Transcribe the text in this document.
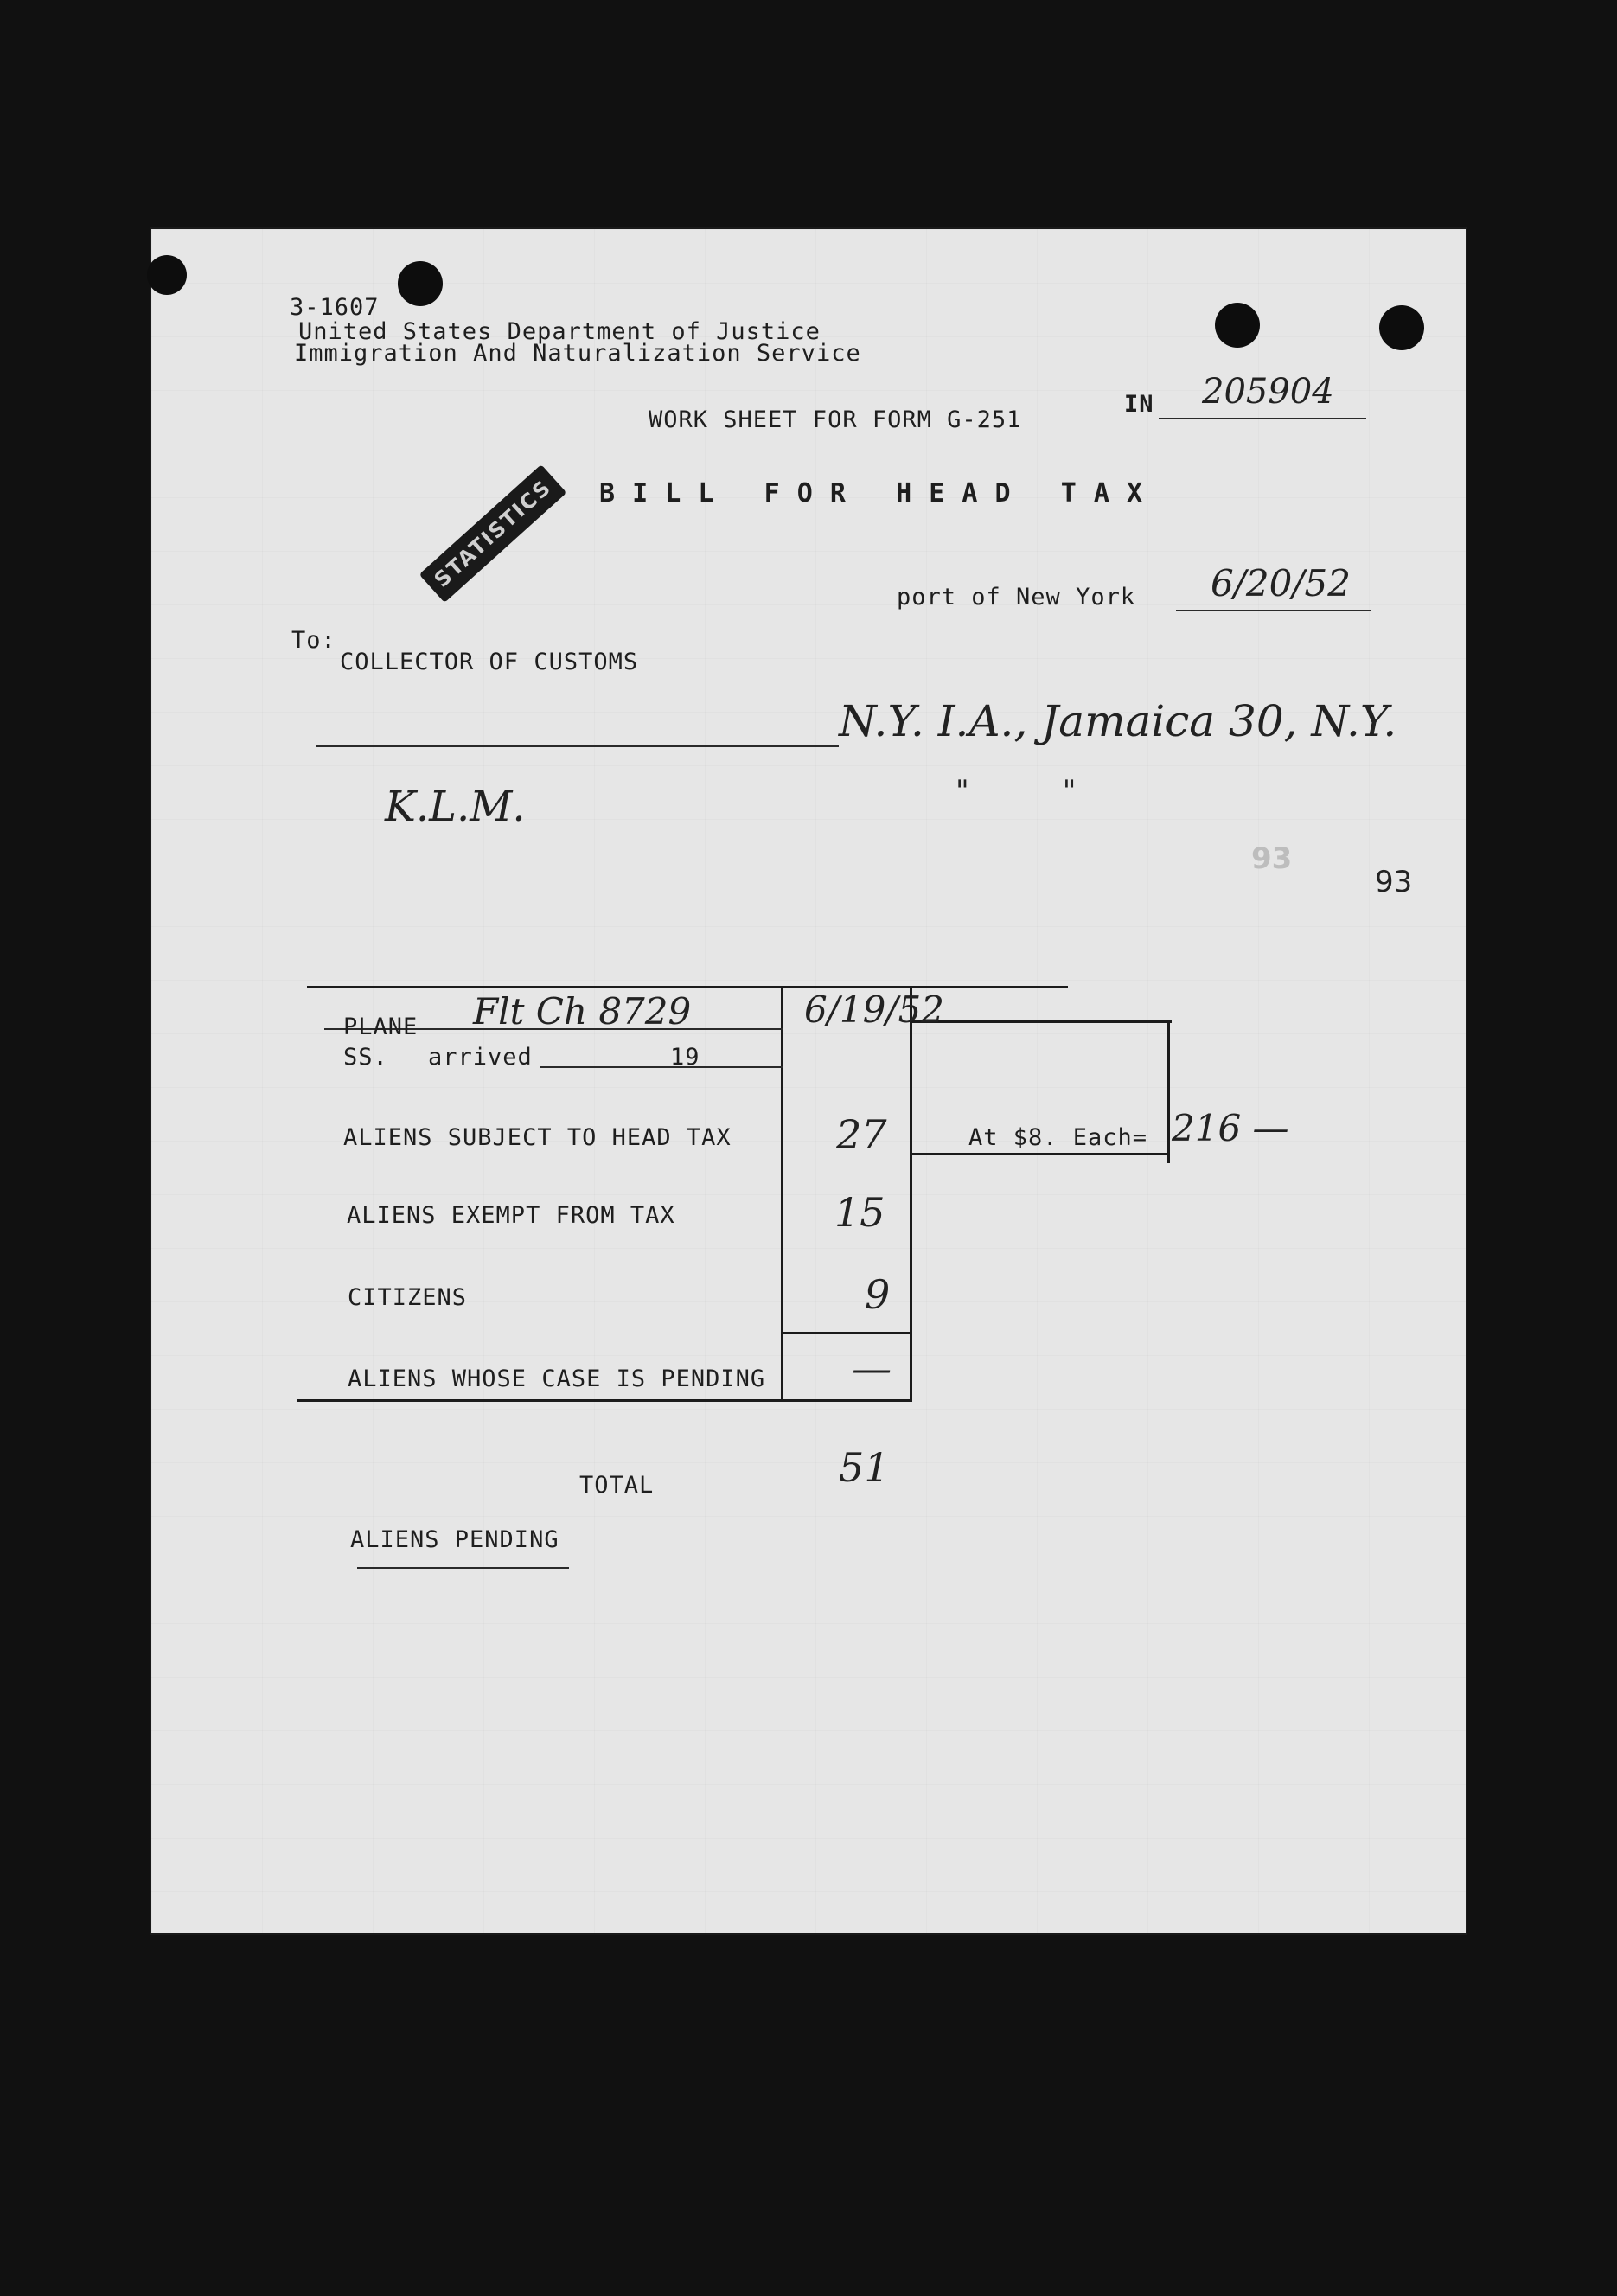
3-1607
United States Department of Justice
Immigration And Naturalization Service
WORK SHEET FOR FORM G-251
IN 205904
B I L L   F O R   H E A D   T A X
STATISTICS
port of New York 6/20/52
To:
COLLECTOR OF CUSTOMS
N.Y. I.A., Jamaica 30, N.Y.
"          "
K.L.M.
93
93
PLANE Flt Ch 8729	6/19/52
SS. arrived	19
ALIENS SUBJECT TO HEAD TAX	27	At $8. Each= 216 —
ALIENS EXEMPT FROM TAX	15
CITIZENS	9
ALIENS WHOSE CASE IS PENDING —
TOTAL	51
ALIENS PENDING
